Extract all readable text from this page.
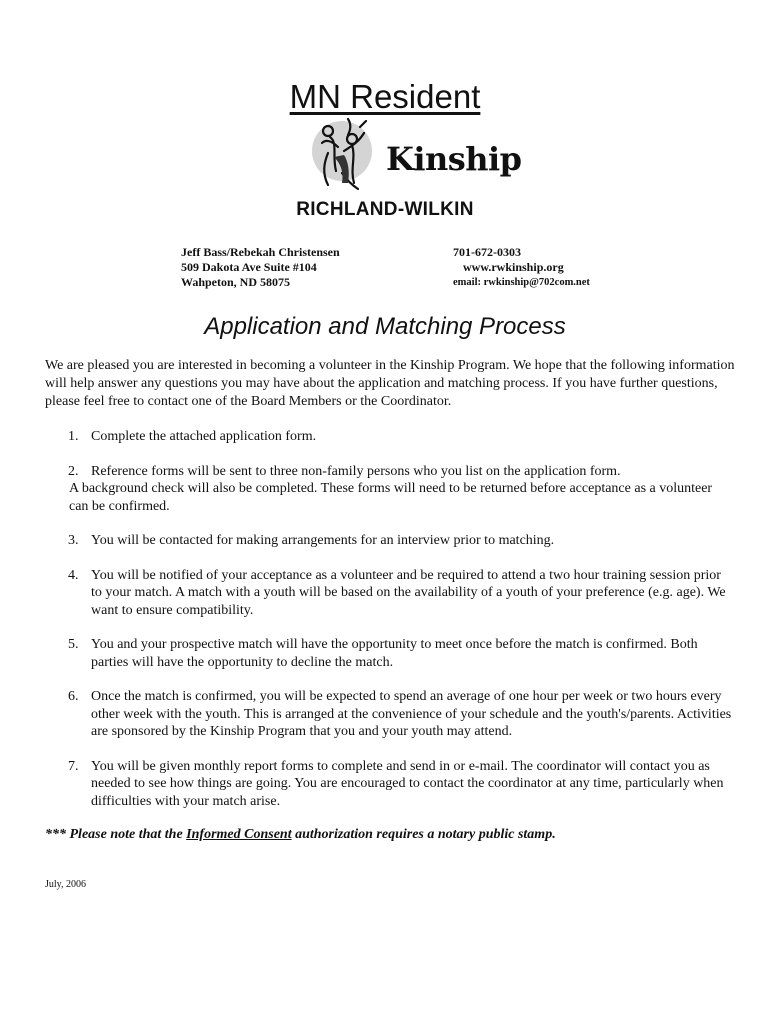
MN Resident
Kinship
RICHLAND-WILKIN
Jeff Bass/Rebekah Christensen
509 Dakota Ave Suite #104
Wahpeton, ND 58075
701-672-0303
www.rwkinship.org
email: rwkinship@702com.net
Application and Matching Process
We are pleased you are interested in becoming a volunteer in the Kinship Program. We hope that the following information will help answer any questions you may have about the application and matching process. If you have further questions, please feel free to contact one of the Board Members or the Coordinator.
1. Complete the attached application form.
2. Reference forms will be sent to three non-family persons who you list on the application form.
A background check will also be completed. These forms will need to be returned before acceptance as a volunteer can be confirmed.
3. You will be contacted for making arrangements for an interview prior to matching.
4. You will be notified of your acceptance as a volunteer and be required to attend a two hour training session prior to your match. A match with a youth will be based on the availability of a youth of your preference (e.g. age). We want to ensure compatibility.
5. You and your prospective match will have the opportunity to meet once before the match is confirmed. Both parties will have the opportunity to decline the match.
6. Once the match is confirmed, you will be expected to spend an average of one hour per week or two hours every other week with the youth. This is arranged at the convenience of your schedule and the youth's/parents. Activities are sponsored by the Kinship Program that you and your youth may attend.
7. You will be given monthly report forms to complete and send in or e-mail. The coordinator will contact you as needed to see how things are going. You are encouraged to contact the coordinator at any time, particularly when difficulties with your match arise.
*** Please note that the Informed Consent authorization requires a notary public stamp.
July, 2006
